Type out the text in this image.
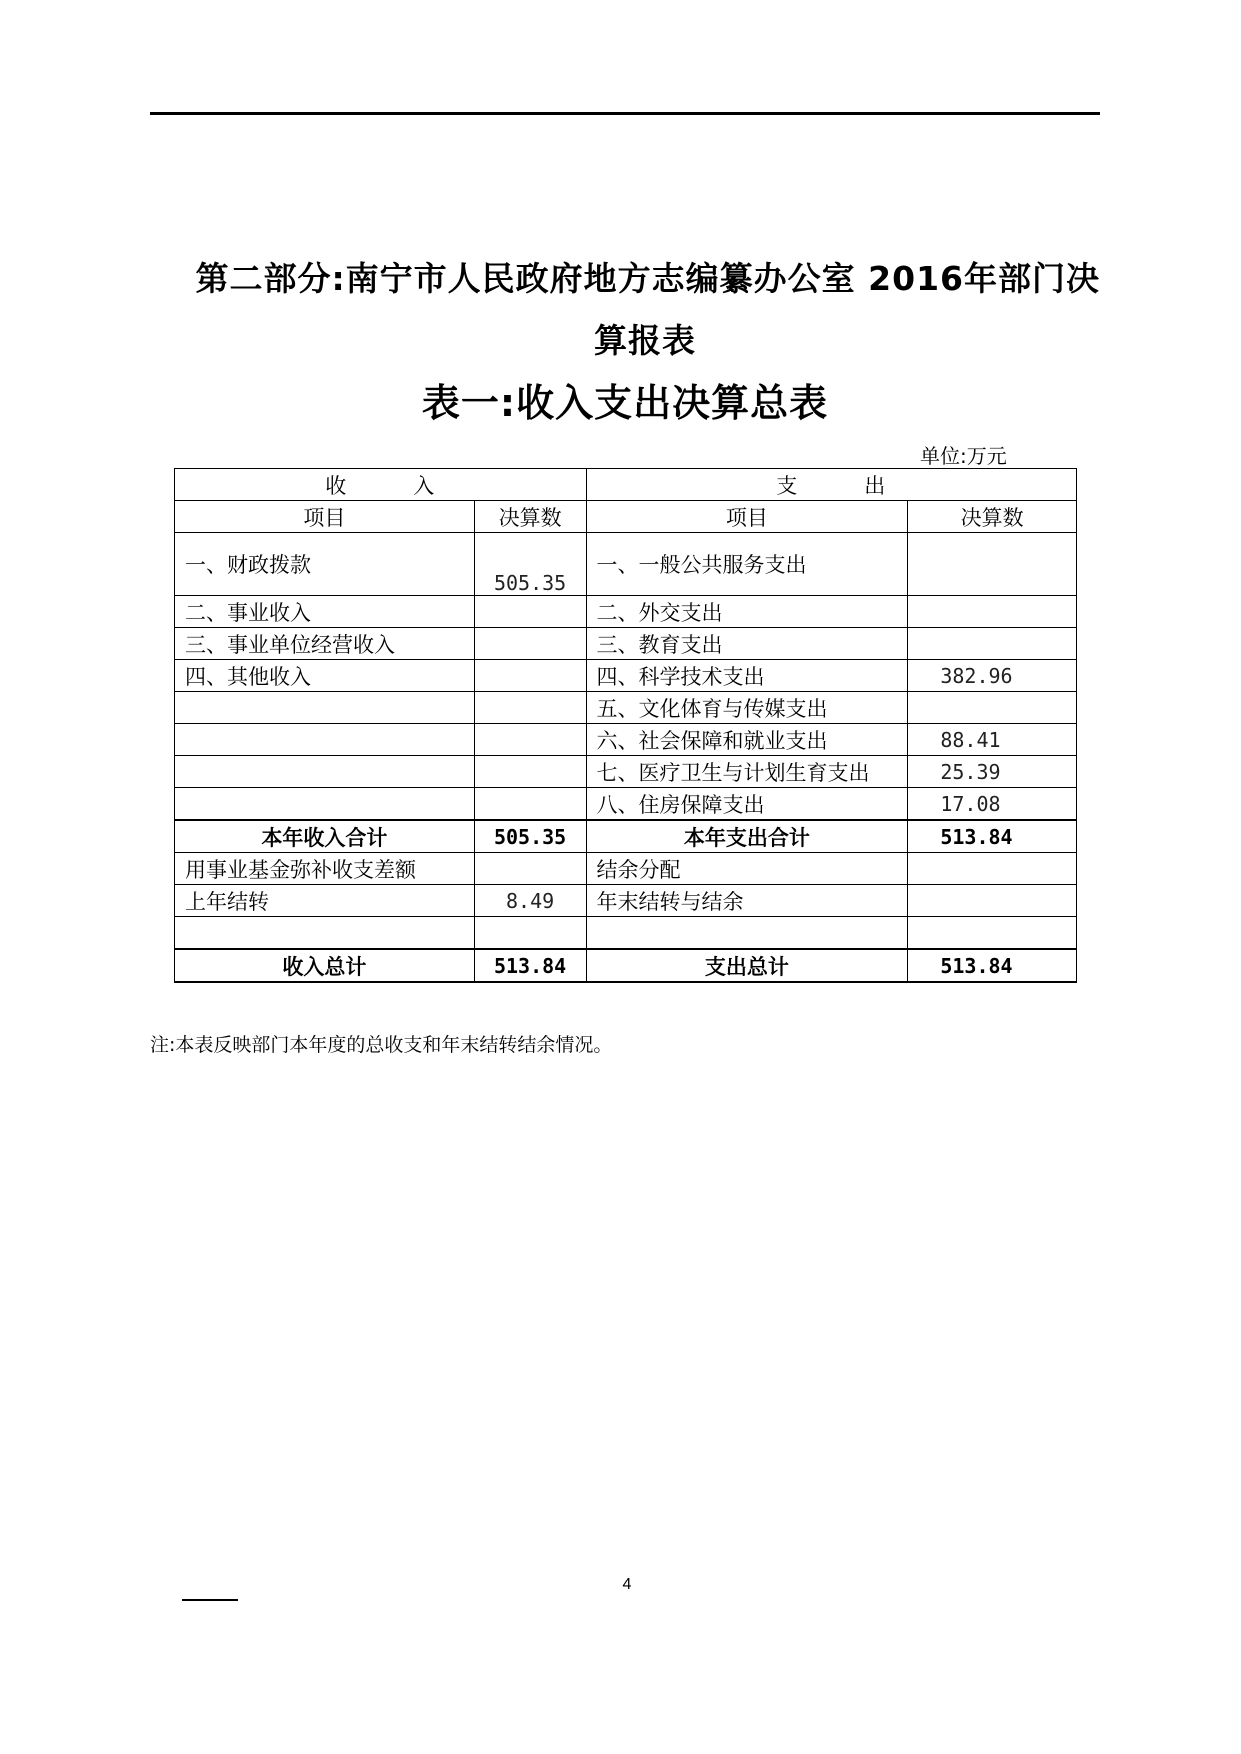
第二部分:南宁市人民政府地方志编纂办公室 2016年部门决
算报表
表一:收入支出决算总表
单位:万元
收　　　入		支　　　出	
项目	决算数	项目	决算数
一、财政拨款	505.35	一、一般公共服务支出	
二、事业收入		二、外交支出	
三、事业单位经营收入		三、教育支出	
四、其他收入		四、科学技术支出	382.96
		五、文化体育与传媒支出	
		六、社会保障和就业支出	88.41
		七、医疗卫生与计划生育支出	25.39
		八、住房保障支出	17.08
本年收入合计	505.35	本年支出合计	513.84
用事业基金弥补收支差额		结余分配	
上年结转	8.49	年末结转与结余	

收入总计	513.84	支出总计	513.84
注:本表反映部门本年度的总收支和年末结转结余情况。
4
